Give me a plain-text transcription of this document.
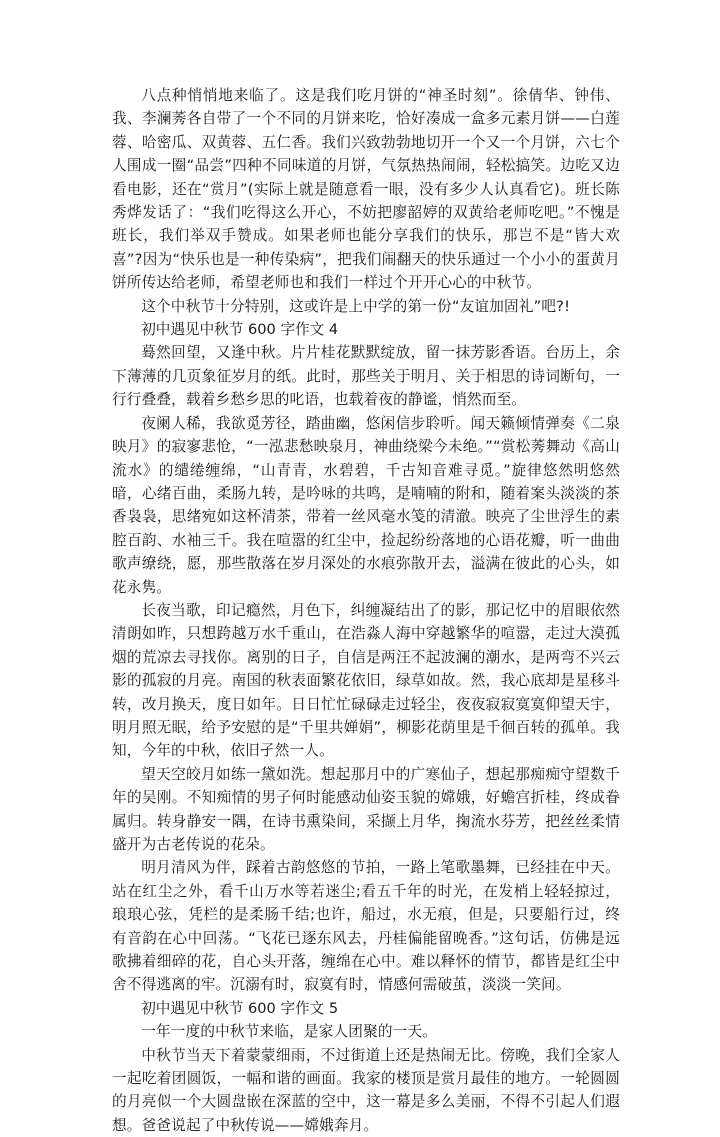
八点种悄悄地来临了。这是我们吃月饼的“神圣时刻”。徐倩华、钟伟、我、李澜莠各自带了一个不同的月饼来吃，恰好凑成一盒多元素月饼——白莲蓉、哈密瓜、双黄蓉、五仁香。我们兴致勃勃地切开一个又一个月饼，六七个人围成一圈“品尝”四种不同味道的月饼，气氛热热闹闹，轻松搞笑。边吃又边看电影，还在“赏月”(实际上就是随意看一眼，没有多少人认真看它)。班长陈秀烨发话了：“我们吃得这么开心，不妨把廖韶婷的双黄给老师吃吧。”不愧是班长，我们举双手赞成。如果老师也能分享我们的快乐，那岂不是“皆大欢喜”?因为“快乐也是一种传染病”，把我们闹翻天的快乐通过一个小小的蛋黄月饼所传达给老师，希望老师也和我们一样过个开开心心的中秋节。

这个中秋节十分特别，这或许是上中学的第一份“友谊加固礼”吧?!

初中遇见中秋节 600 字作文 4

蓦然回望，又逢中秋。片片桂花默默绽放，留一抹芳影香语。台历上，余下薄薄的几页象征岁月的纸。此时，那些关于明月、关于相思的诗词断句，一行行叠叠，载着乡愁乡思的叱语，也载着夜的静谧，悄然而至。

夜阑人稀，我欲觅芳径，踏曲幽，悠闲信步聆听。闻天籁倾情弹奏《二泉映月》的寂寥悲怆，“一泓悲愁映泉月，神曲绕梁今未绝。”“赏松莠舞动《高山流水》的缱绻缠绵，“山青青，水碧碧，千古知音难寻觅。”旋律悠然明悠然暗，心绪百曲，柔肠九转，是吟咏的共鸣，是喃喃的附和，随着案头淡淡的茶香袅袅，思绪宛如这杯清茶，带着一丝风毫水笺的清澈。映亮了尘世浮生的素腔百韵、水袖三千。我在喧嚣的红尘中，捡起纷纷落地的心语花瓣，听一曲曲歌声缭绕，愿，那些散落在岁月深处的水痕弥散开去，溢满在彼此的心头，如花永隽。

长夜当歌，印记瘾然，月色下，纠缠凝结出了的影，那记忆中的眉眼依然清朗如昨，只想跨越万水千重山，在浩淼人海中穿越繁华的喧嚣，走过大漠孤烟的荒凉去寻找你。离别的日子，自信是两汪不起波澜的潮水，是两弯不兴云影的孤寂的月亮。南国的秋表面繁花依旧，绿草如故。然，我心底却是星移斗转，改月换天，度日如年。日日忙忙碌碌走过轻尘，夜夜寂寂寞寞仰望天宇，明月照无眠，给予安慰的是“千里共婵娟”，柳影花荫里是千徊百转的孤单。我知，今年的中秋，依旧孑然一人。

望天空皎月如练一黛如洗。想起那月中的广寒仙子，想起那痴痴守望数千年的吴刚。不知痴情的男子何时能感动仙姿玉貌的嫦娥，好蟾宫折桂，终成眷属归。转身静安一隅，在诗书熏染间，采撷上月华，掬流水芬芳，把丝丝柔情盛开为古老传说的花朵。

明月清风为伴，踩着古韵悠悠的节拍，一路上笔歌墨舞，已经挂在中天。站在红尘之外，看千山万水等若迷尘;看五千年的时光，在发梢上轻轻掠过，琅琅心弦，凭栏的是柔肠千结;也许，船过，水无痕，但是，只要船行过，终有音韵在心中回荡。“飞花已逐东风去，丹桂偏能留晚香。”这句话，仿佛是远歌拂着细碎的花，自心头开落，缠绵在心中。难以释怀的情节，都皆是红尘中舍不得逃离的牢。沉溺有时，寂寞有时，情感何需破茧，淡淡一笑间。

初中遇见中秋节 600 字作文 5

一年一度的中秋节来临，是家人团聚的一天。

中秋节当天下着蒙蒙细雨，不过街道上还是热闹无比。傍晚，我们全家人一起吃着团圆饭，一幅和谐的画面。我家的楼顶是赏月最佳的地方。一轮圆圆的月亮似一个大圆盘嵌在深蓝的空中，这一幕是多么美丽，不得不引起人们遐想。爸爸说起了中秋传说——嫦娥奔月。
